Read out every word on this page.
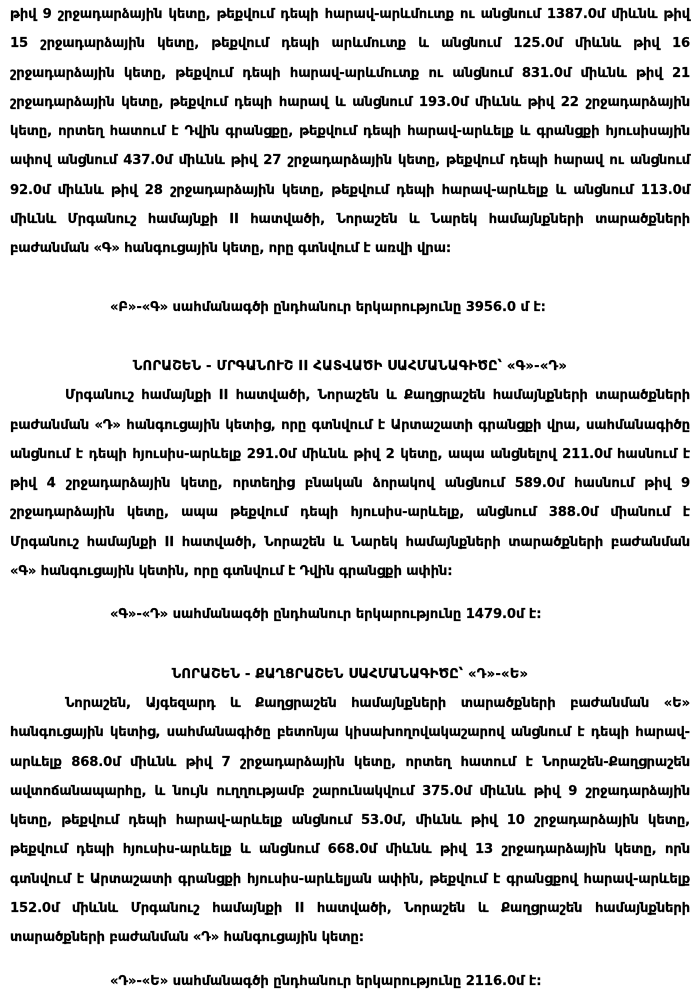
թիվ 9 շրջադարձային կետը, թեքվում դեպի հարավ-արևմուտք ու անցնում 1387.0մ միևնև թիվ 15 շրջադարձային կետը, թեքվում դեպի արևմուտք և անցնում 125.0մ միևնև թիվ 16 շրջադարձային կետը, թեքվում դեպի հարավ-արևմուտք ու անցնում 831.0մ միևնև թիվ 21 շրջադարձային կետը, թեքվում դեպի հարավ և անցնում 193.0մ միևնև թիվ 22 շրջադարձային կետը, որտեղ հատում է Դվին գրանցքը, թեքվում դեպի հարավ-արևելք և գրանցքի հյուսիսային ափով անցնում 437.0մ միևնև թիվ 27 շրջադարձային կետը, թեքվում դեպի հարավ ու անցնում 92.0մ միևնև թիվ 28 շրջադարձային կետը, թեքվում դեպի հարավ-արևելք և անցնում 113.0մ միևնև Մրգանուշ համայնքի II հատվածի, Նորաշեն և Նարեկ համայնքների տարածքների բաժանման «Գ» հանգուցային կետը, որը գտնվում է առվի վրա:

«Բ»-«Գ» սահմանագծի ընդհանուր երկարությունը 3956.0 մ է:

ՆՈՐԱՇԵՆ - ՄՐԳԱՆՈՒՇ II ՀԱՏՎԱԾԻ ՍԱՀՄԱՆԱԳԻԾԸ՝ «Գ»-«Դ»

Մրգանուշ համայնքի II հատվածի, Նորաշեն և Քաղցրաշեն համայնքների տարածքների բաժանման «Դ» հանգուցային կետից, որը գտնվում է Արտաշատի գրանցքի վրա, սահմանագիծը անցնում է դեպի հյուսիս-արևելք 291.0մ միևնև թիվ 2 կետը, ապա անցնելով 211.0մ հասնում է թիվ 4 շրջադարձային կետը, որտեղից բնական ձորակով անցնում 589.0մ հասնում թիվ 9 շրջադարձային կետը, ապա թեքվում դեպի հյուսիս-արևելք, անցնում 388.0մ միանում է Մրգանուշ համայնքի II հատվածի, Նորաշեն և Նարեկ համայնքների տարածքների բաժանման «Գ» հանգուցային կետին, որը գտնվում է Դվին գրանցքի ափին:

«Գ»-«Դ» սահմանագծի ընդհանուր երկարությունը 1479.0մ է:

ՆՈՐԱՇԵՆ - ՔԱՂՑՐԱՇԵՆ ՍԱՀՄԱՆԱԳԻԾԸ՝ «Դ»-«Ե»

Նորաշեն, Այգեզարդ և Քաղցրաշեն համայնքների տարածքների բաժանման «Ե» հանգուցային կետից, սահմանագիծը բետոնյա կիսախողովակաշարով անցնում է դեպի հարավ-արևելք 868.0մ միևնև թիվ 7 շրջադարձային կետը, որտեղ հատում է Նորաշեն-Քաղցրաշեն ավտոճանապարհը, և նույն ուղղությամբ շարունակվում 375.0մ միևնև թիվ 9 շրջադարձային կետը, թեքվում դեպի հարավ-արևելք անցնում 53.0մ, միևնև թիվ 10 շրջադարձային կետը, թեքվում դեպի հյուսիս-արևելք և անցնում 668.0մ միևնև թիվ 13 շրջադարձային կետը, որն գտնվում է Արտաշատի գրանցքի հյուսիս-արևելյան ափին, թեքվում է գրանցքով հարավ-արևելք 152.0մ միևնև Մրգանուշ համայնքի II հատվածի, Նորաշեն և Քաղցրաշեն համայնքների տարածքների բաժանման «Դ» հանգուցային կետը:

«Դ»-«Ե» սահմանագծի ընդհանուր երկարությունը 2116.0մ է:
